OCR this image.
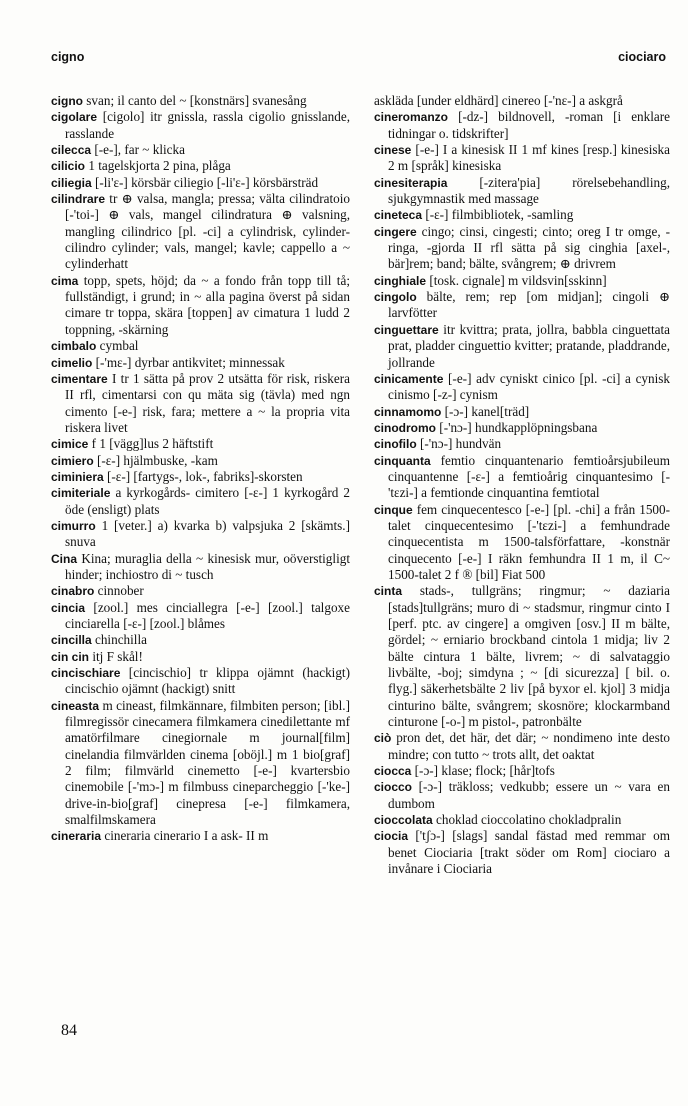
cigno	ciociaro

cigno svan; il canto del ~ [konstnärs] svanesång

cigolare [cigolo] itr gnissla, rassla cigolio gnisslande, rasslande

cilecca [-e-], far ~ klicka

cilicio 1 tagelskjorta 2 pina, plåga

ciliegia [-li'ɛ-] körsbär ciliegio [-li'ɛ-] körsbärsträd

cilindrare tr ⊕ valsa, mangla; pressa; välta cilindratoio [-'toi-] ⊕ vals, mangel cilindratura ⊕ valsning, mangling cilindrico [pl. -ci] a cylindrisk, cylinder- cilindro cylinder; vals, mangel; kavle; cappello a ~ cylinderhatt

cima topp, spets, höjd; da ~ a fondo från topp till tå; fullständigt, i grund; in ~ alla pagina överst på sidan cimare tr toppa, skära [toppen] av cimatura 1 ludd 2 toppning, -skärning

cimbalo cymbal

cimelio [-'mɛ-] dyrbar antikvitet; minnessak

cimentare I tr 1 sätta på prov 2 utsätta för risk, riskera II rfl, cimentarsi con qu mäta sig (tävla) med ngn cimento [-e-] risk, fara; mettere a ~ la propria vita riskera livet

cimice f 1 [vägg]lus 2 häftstift

cimiero [-ɛ-] hjälmbuske, -kam

ciminiera [-ɛ-] [fartygs-, lok-, fabriks]-skorsten

cimiteriale a kyrkogårds- cimitero [-ɛ-] 1 kyrkogård 2 öde (ensligt) plats

cimurro 1 [veter.] a) kvarka b) valpsjuka 2 [skämts.] snuva

Cina Kina; muraglia della ~ kinesisk mur, oöverstigligt hinder; inchiostro di ~ tusch

cinabro cinnober

cincia [zool.] mes cinciallegra [-e-] [zool.] talgoxe cinciarella [-ɛ-] [zool.] blåmes

cincilla chinchilla

cin cin itj F skål!

cincischiare [cincischio] tr klippa ojämnt (hackigt) cincischio ojämnt (hackigt) snitt

cineasta m cineast, filmkännare, filmbiten person; [ibl.] filmregissör cinecamera filmkamera cinedilettante mf amatörfilmare cinegiornale m journal[film] cinelandia filmvärlden cinema [oböjl.] m 1 bio[graf] 2 film; filmvärld cinemetto [-e-] kvartersbio cinemobile [-'mɔ-] m filmbuss cineparcheggio [-'ke-] drive-in-bio[graf] cinepresa [-e-] filmkamera, smalfilmskamera

cineraria cineraria cinerario I a ask- II m

askläda [under eldhärd] cinereo [-'nɛ-] a askgrå

cineromanzo [-dz-] bildnovell, -roman [i enklare tidningar o. tidskrifter]

cinese [-e-] I a kinesisk II 1 mf kines [resp.] kinesiska 2 m [språk] kinesiska

cinesiterapia [-zitera'pia] rörelsebehandling, sjukgymnastik med massage

cineteca [-ɛ-] filmbibliotek, -samling

cingere cingo; cinsi, cingesti; cinto; oreg I tr omge, -ringa, -gjorda II rfl sätta på sig cinghia [axel-, bär]rem; band; bälte, svångrem; ⊕ drivrem

cinghiale [tosk. cignale] m vildsvin[sskinn]

cingolo bälte, rem; rep [om midjan]; cingoli ⊕ larvfötter

cinguettare itr kvittra; prata, jollra, babbla cinguettata prat, pladder cinguettio kvitter; pratande, pladdrande, jollrande

cinicamente [-e-] adv cyniskt cinico [pl. -ci] a cynisk cinismo [-z-] cynism

cinnamomo [-ɔ-] kanel[träd]

cinodromo [-'nɔ-] hundkapplöpningsbana

cinofilo [-'nɔ-] hundvän

cinquanta femtio cinquantenario femtioårsjubileum cinquantenne [-ɛ-] a femtioårig cinquantesimo [-'tɛzi-] a femtionde cinquantina femtiotal

cinque fem cinquecentesco [-e-] [pl. -chi] a från 1500-talet cinquecentesimo [-'tɛzi-] a femhundrade cinquecentista m 1500-talsförfattare, -konstnär cinquecento [-e-] I räkn femhundra II 1 m, il C~ 1500-talet 2 f ® [bil] Fiat 500

cinta stads-, tullgräns; ringmur; ~ daziaria [stads]tullgräns; muro di ~ stadsmur, ringmur cinto I [perf. ptc. av cingere] a omgiven [osv.] II m bälte, gördel; ~ erniario brockband cintola 1 midja; liv 2 bälte cintura 1 bälte, livrem; ~ di salvataggio livbälte, -boj; simdyna ; ~ [di sicurezza] [ bil. o. flyg.] säkerhetsbälte 2 liv [på byxor el. kjol] 3 midja cinturino bälte, svångrem; skosnöre; klockarmband cinturone [-o-] m pistol-, patronbälte

ciò pron det, det här, det där; ~ nondimeno inte desto mindre; con tutto ~ trots allt, det oaktat

ciocca [-ɔ-] klase; flock; [hår]tofs

ciocco [-ɔ-] träkloss; vedkubb; essere un ~ vara en dumbom

cioccolata choklad cioccolatino chokladpralin

ciocia ['tʃɔ-] [slags] sandal fästad med remmar om benet Ciociaria [trakt söder om Rom] ciociaro a invånare i Ciociaria

84
